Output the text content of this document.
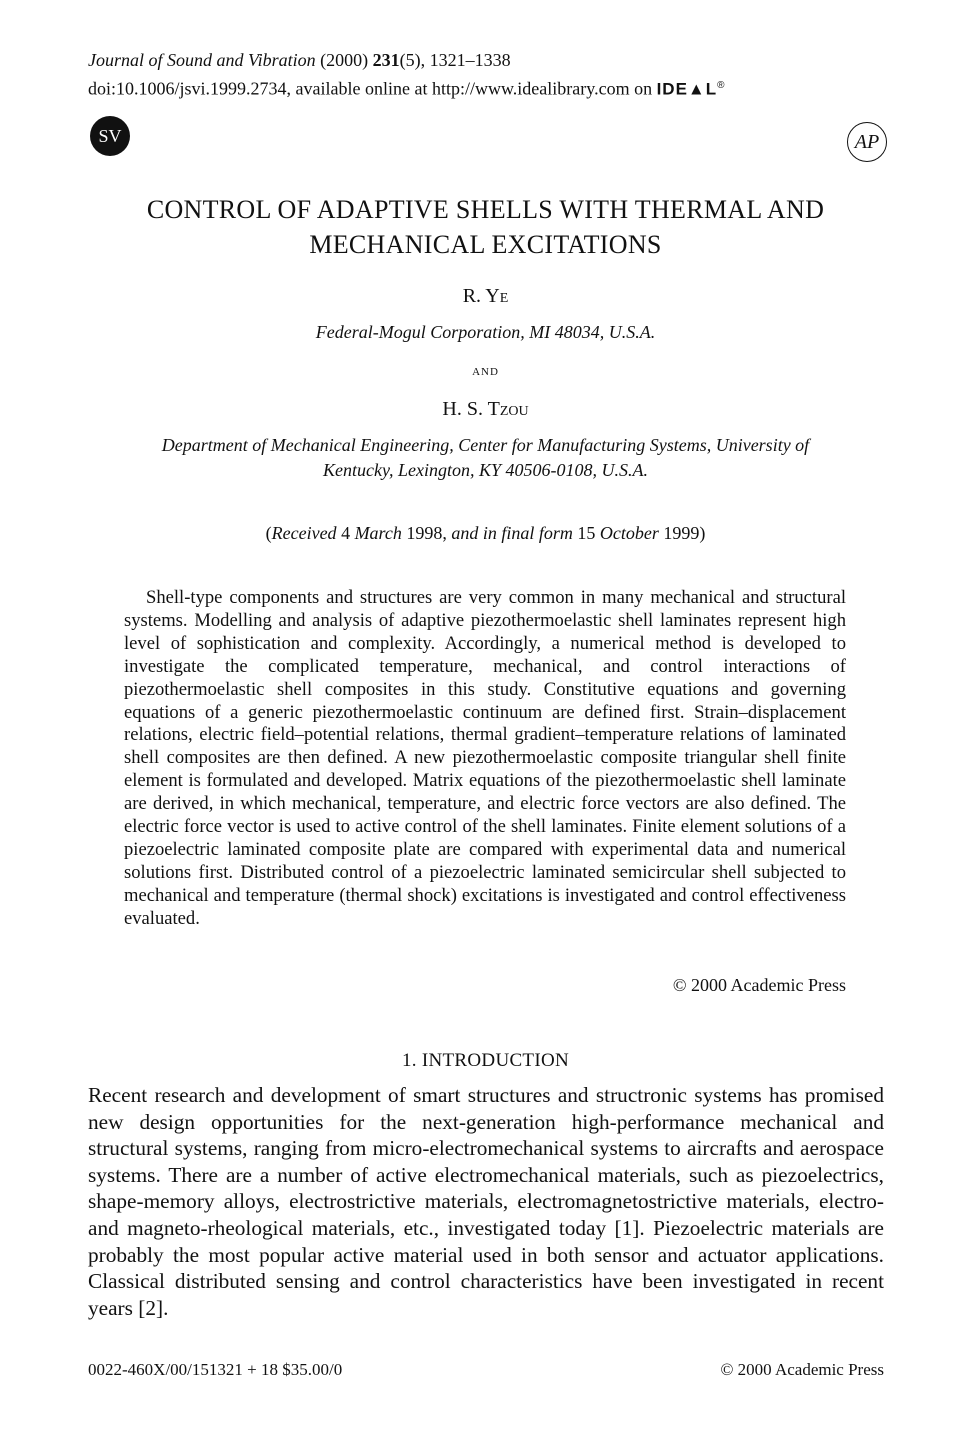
Journal of Sound and Vibration (2000) 231(5), 1321–1338
doi:10.1006/jsvi.1999.2734, available online at http://www.idealibrary.com on IDE▲L®
SV	AP
CONTROL OF ADAPTIVE SHELLS WITH THERMAL AND MECHANICAL EXCITATIONS
R. Ye
Federal-Mogul Corporation, MI 48034, U.S.A.
and
H. S. Tzou
Department of Mechanical Engineering, Center for Manufacturing Systems, University of Kentucky, Lexington, KY 40506-0108, U.S.A.
(Received 4 March 1998, and in final form 15 October 1999)
Shell-type components and structures are very common in many mechanical and structural systems. Modelling and analysis of adaptive piezothermoelastic shell laminates represent high level of sophistication and complexity. Accordingly, a numerical method is developed to investigate the complicated temperature, mechanical, and control interactions of piezothermoelastic shell composites in this study. Constitutive equations and governing equations of a generic piezothermoelastic continuum are defined first. Strain–displacement relations, electric field–potential relations, thermal gradient–temperature relations of laminated shell composites are then defined. A new piezothermoelastic composite triangular shell finite element is formulated and developed. Matrix equations of the piezothermoelastic shell laminate are derived, in which mechanical, temperature, and electric force vectors are also defined. The electric force vector is used to active control of the shell laminates. Finite element solutions of a piezoelectric laminated composite plate are compared with experimental data and numerical solutions first. Distributed control of a piezoelectric laminated semicircular shell subjected to mechanical and temperature (thermal shock) excitations is investigated and control effectiveness evaluated.
© 2000 Academic Press
1. INTRODUCTION
Recent research and development of smart structures and structronic systems has promised new design opportunities for the next-generation high-performance mechanical and structural systems, ranging from micro-electromechanical systems to aircrafts and aerospace systems. There are a number of active electromechanical materials, such as piezoelectrics, shape-memory alloys, electrostrictive materials, electromagnetostrictive materials, electro- and magneto-rheological materials, etc., investigated today [1]. Piezoelectric materials are probably the most popular active material used in both sensor and actuator applications. Classical distributed sensing and control characteristics have been investigated in recent years [2].
0022-460X/00/151321 + 18 $35.00/0	© 2000 Academic Press
